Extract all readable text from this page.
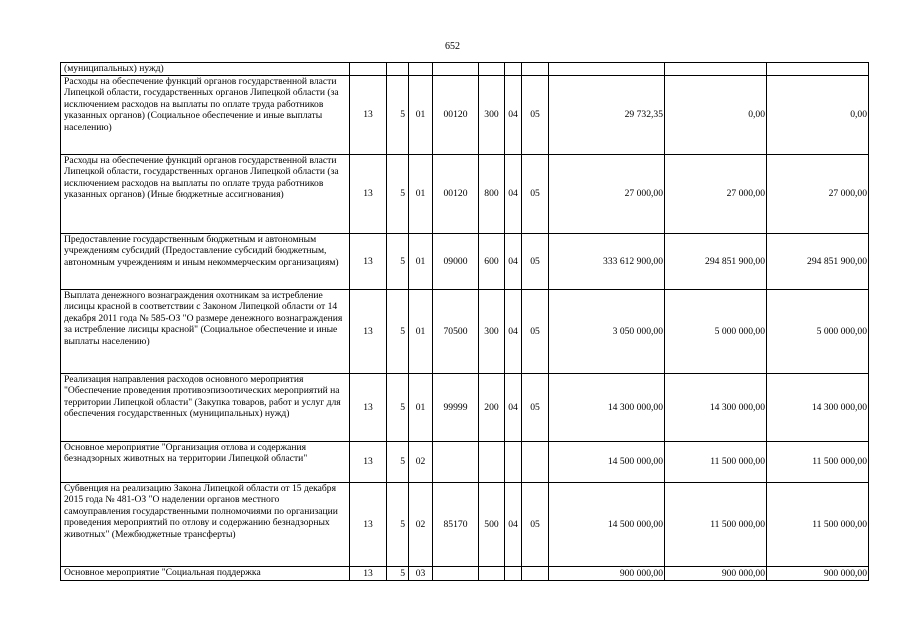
652
(муниципальных) нужд)										
Расходы на обеспечение функций органов государственной власти Липецкой области, государственных органов Липецкой области (за исключением расходов на выплаты по оплате труда работников указанных органов) (Социальное обеспечение и иные выплаты населению)	13	5	01	00120	300	04	05	29 732,35	0,00	0,00
Расходы на обеспечение функций органов государственной власти Липецкой области, государственных органов Липецкой области (за исключением расходов на выплаты по оплате труда работников указанных органов) (Иные бюджетные ассигнования)	13	5	01	00120	800	04	05	27 000,00	27 000,00	27 000,00
Предоставление государственным бюджетным и автономным учреждениям субсидий (Предоставление субсидий бюджетным, автономным учреждениям и иным некоммерческим организациям)	13	5	01	09000	600	04	05	333 612 900,00	294 851 900,00	294 851 900,00
Выплата денежного вознаграждения охотникам за истребление лисицы красной в соответствии с Законом Липецкой области от 14 декабря 2011 года № 585-ОЗ "О размере денежного вознаграждения за истребление лисицы красной" (Социальное обеспечение и иные выплаты населению)	13	5	01	70500	300	04	05	3 050 000,00	5 000 000,00	5 000 000,00
Реализация направления расходов основного мероприятия "Обеспечение проведения противоэпизоотических мероприятий на территории Липецкой области" (Закупка товаров, работ и услуг для обеспечения государственных (муниципальных) нужд)	13	5	01	99999	200	04	05	14 300 000,00	14 300 000,00	14 300 000,00
Основное мероприятие "Организация отлова и содержания безнадзорных животных на территории Липецкой области"	13	5	02					14 500 000,00	11 500 000,00	11 500 000,00
Субвенция на реализацию Закона Липецкой области от 15 декабря 2015 года № 481-ОЗ "О наделении органов местного самоуправления государственными полномочиями по организации проведения мероприятий по отлову и содержанию безнадзорных животных" (Межбюджетные трансферты)	13	5	02	85170	500	04	05	14 500 000,00	11 500 000,00	11 500 000,00
Основное мероприятие "Социальная поддержка	13	5	03					900 000,00	900 000,00	900 000,00
